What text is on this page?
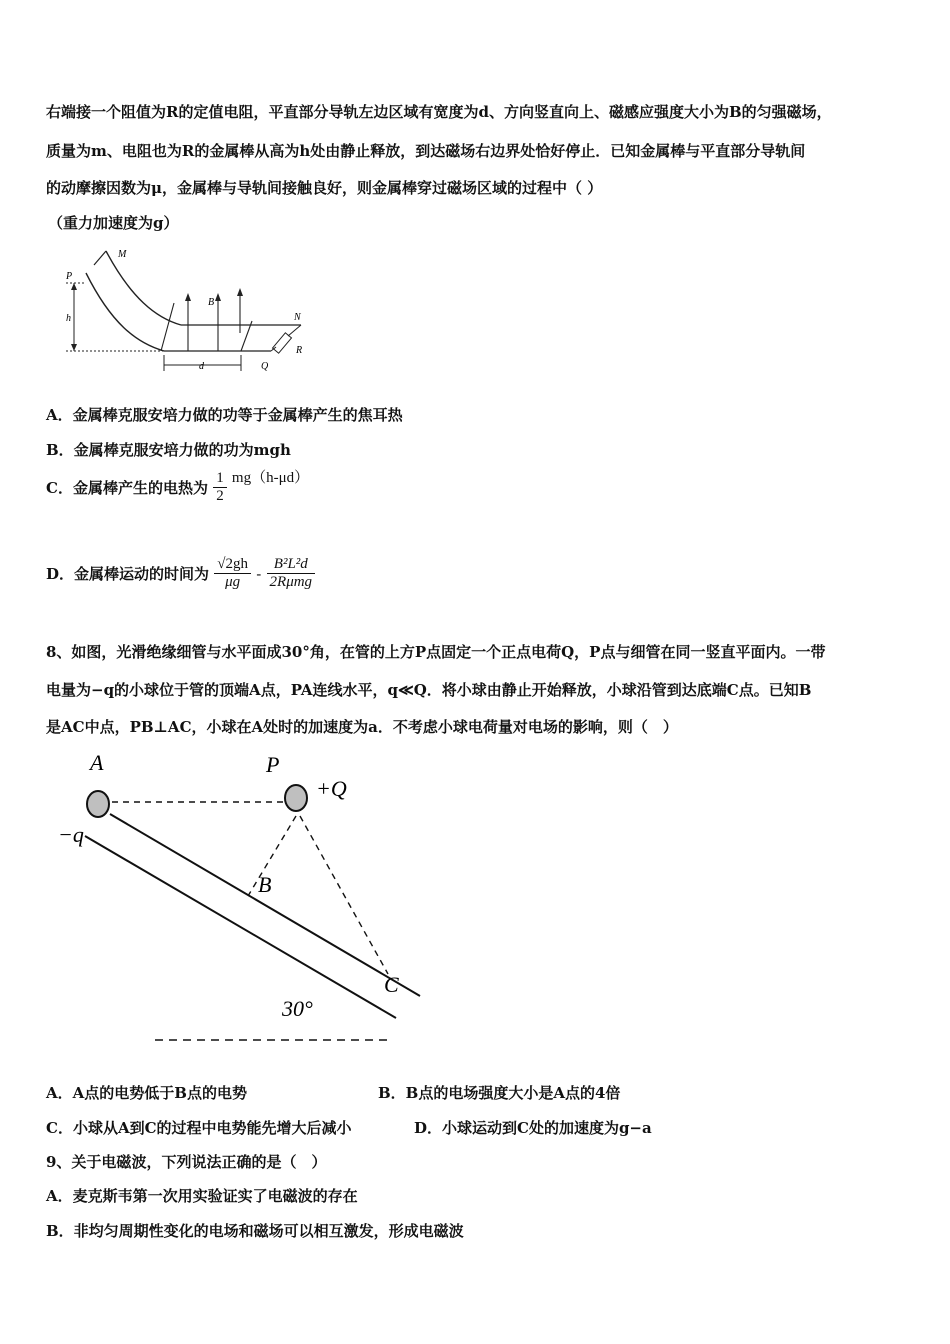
右端接一个阻值为R的定值电阻，平直部分导轨左边区域有宽度为d、方向竖直向上、磁感应强度大小为B的匀强磁场，
质量为m、电阻也为R的金属棒从高为h处由静止释放，到达磁场右边界处恰好停止．已知金属棒与平直部分导轨间
的动摩擦因数为μ，金属棒与导轨间接触良好，则金属棒穿过磁场区域的过程中（ ）
（重力加速度为g）
M
P
h
B
N
d	Q
R
A．金属棒克服安培力做的功等于金属棒产生的焦耳热
B．金属棒克服安培力做的功为mgh
C．金属棒产生的电热为 $\frac{1}{2} mg(h-\mu d)$
D．金属棒运动的时间为 $\frac{√2gh}{\mu g} - \frac{\text{B²L²d}}{\text{2Rμmg}}$
8、如图，光滑绝缘细管与水平面成30°角，在管的上方P点固定一个正点电荷Q，P点与细管在同一竖直平面内。一带
电量为−q的小球位于管的顶端A点，PA连线水平，q≪Q．将小球由静止开始释放，小球沿管到达底端C点。已知B
是AC中点，PB⊥AC，小球在A处时的加速度为a．不考虑小球电荷量对电场的影响，则（　）
A	P
+Q
−q
B
C
30°
A．A点的电势低于B点的电势	B．B点的电场强度大小是A点的4倍
C．小球从A到C的过程中电势能先增大后减小	D．小球运动到C处的加速度为g−a
9、关于电磁波，下列说法正确的是（　）
A．麦克斯韦第一次用实验证实了电磁波的存在
B．非均匀周期性变化的电场和磁场可以相互激发，形成电磁波
